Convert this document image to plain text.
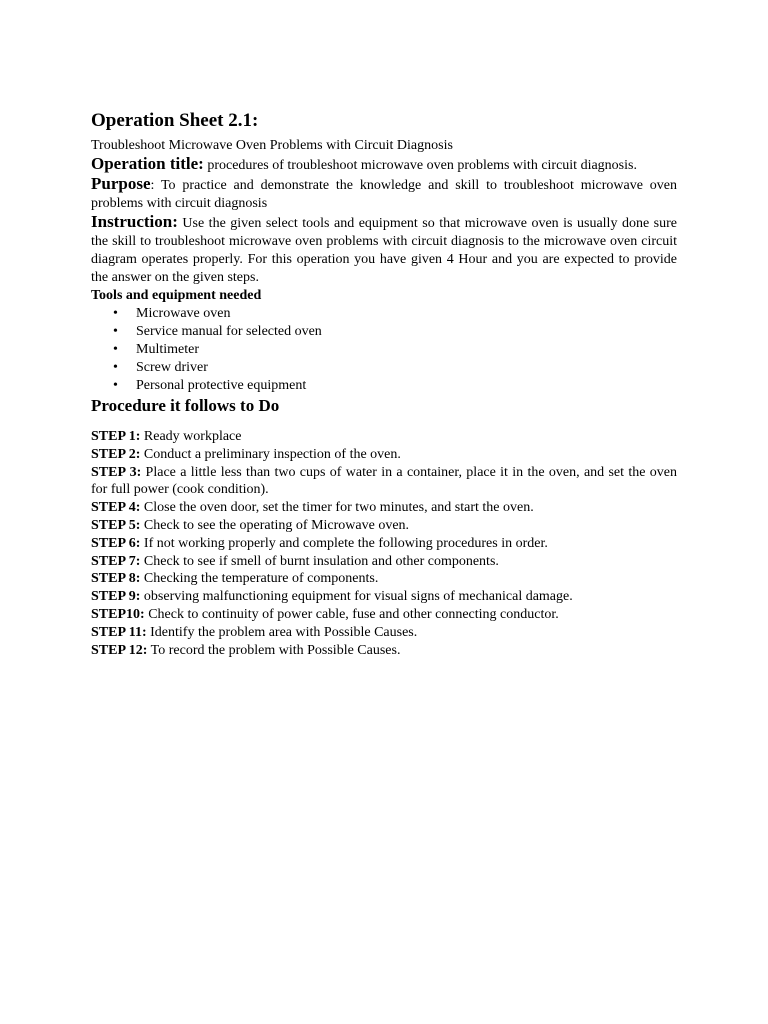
Operation Sheet 2.1:

Troubleshoot Microwave Oven Problems with Circuit Diagnosis

Operation title: procedures of troubleshoot microwave oven problems with circuit diagnosis.

Purpose: To practice and demonstrate the knowledge and skill to troubleshoot microwave oven problems with circuit diagnosis

Instruction: Use the given select tools and equipment so that microwave oven is usually done sure the skill to troubleshoot microwave oven problems with circuit diagnosis to the microwave oven circuit diagram operates properly. For this operation you have given 4 Hour and you are expected to provide the answer on the given steps.

Tools and equipment needed

• Microwave oven
• Service manual for selected oven
• Multimeter
• Screw driver
• Personal protective equipment
Procedure it follows to Do

STEP 1: Ready workplace

STEP 2: Conduct a preliminary inspection of the oven.

STEP 3: Place a little less than two cups of water in a container, place it in the oven, and set the oven for full power (cook condition).

STEP 4: Close the oven door, set the timer for two minutes, and start the oven.

STEP 5: Check to see the operating of Microwave oven.

STEP 6: If not working properly and complete the following procedures in order.

STEP 7: Check to see if smell of burnt insulation and other components.

STEP 8: Checking the temperature of components.

STEP 9: observing malfunctioning equipment for visual signs of mechanical damage.

STEP10: Check to continuity of power cable, fuse and other connecting conductor.

STEP 11: Identify the problem area with Possible Causes.

STEP 12: To record the problem with Possible Causes.
